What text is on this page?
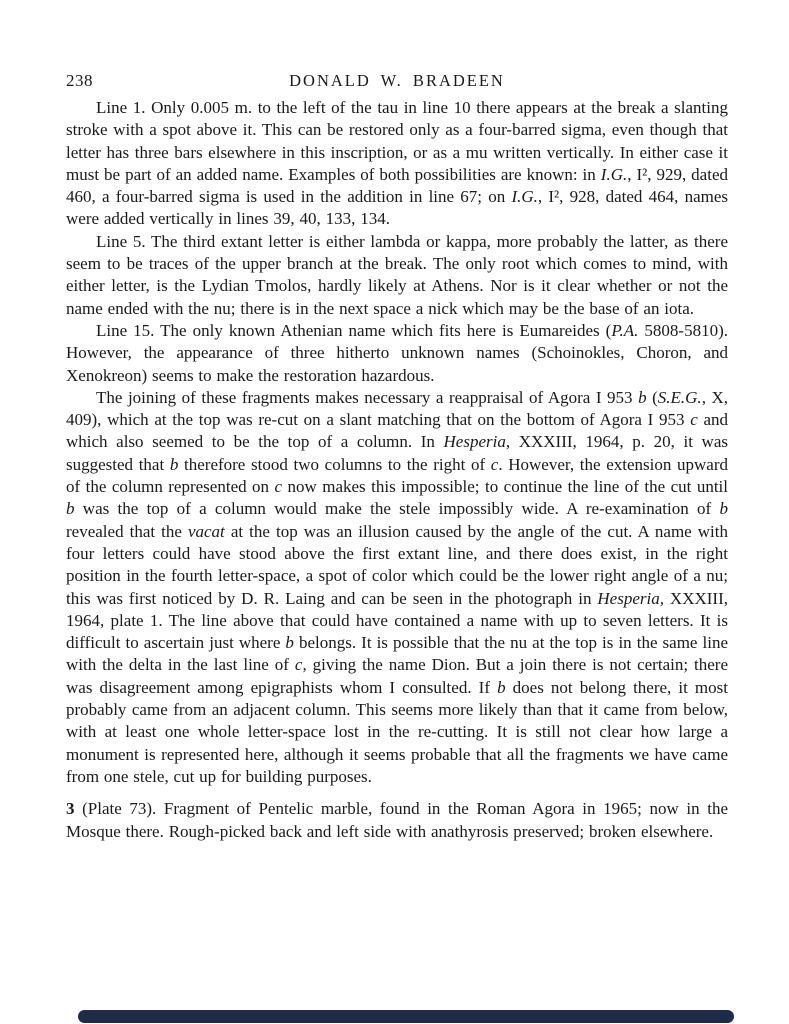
238	DONALD W. BRADEEN

Line 1. Only 0.005 m. to the left of the tau in line 10 there appears at the break a slanting stroke with a spot above it. This can be restored only as a four-barred sigma, even though that letter has three bars elsewhere in this inscription, or as a mu written vertically. In either case it must be part of an added name. Examples of both possibilities are known: in I.G., I², 929, dated 460, a four-barred sigma is used in the addition in line 67; on I.G., I², 928, dated 464, names were added vertically in lines 39, 40, 133, 134.

Line 5. The third extant letter is either lambda or kappa, more probably the latter, as there seem to be traces of the upper branch at the break. The only root which comes to mind, with either letter, is the Lydian Tmolos, hardly likely at Athens. Nor is it clear whether or not the name ended with the nu; there is in the next space a nick which may be the base of an iota.

Line 15. The only known Athenian name which fits here is Eumareides (P.A. 5808-5810). However, the appearance of three hitherto unknown names (Schoinokles, Choron, and Xenokreon) seems to make the restoration hazardous.

The joining of these fragments makes necessary a reappraisal of Agora I 953 b (S.E.G., X, 409), which at the top was re-cut on a slant matching that on the bottom of Agora I 953 c and which also seemed to be the top of a column. In Hesperia, XXXIII, 1964, p. 20, it was suggested that b therefore stood two columns to the right of c. However, the extension upward of the column represented on c now makes this impossible; to continue the line of the cut until b was the top of a column would make the stele impossibly wide. A re-examination of b revealed that the vacat at the top was an illusion caused by the angle of the cut. A name with four letters could have stood above the first extant line, and there does exist, in the right position in the fourth letter-space, a spot of color which could be the lower right angle of a nu; this was first noticed by D. R. Laing and can be seen in the photograph in Hesperia, XXXIII, 1964, plate 1. The line above that could have contained a name with up to seven letters. It is difficult to ascertain just where b belongs. It is possible that the nu at the top is in the same line with the delta in the last line of c, giving the name Dion. But a join there is not certain; there was disagreement among epigraphists whom I consulted. If b does not belong there, it most probably came from an adjacent column. This seems more likely than that it came from below, with at least one whole letter-space lost in the re-cutting. It is still not clear how large a monument is represented here, although it seems probable that all the fragments we have came from one stele, cut up for building purposes.

3 (Plate 73). Fragment of Pentelic marble, found in the Roman Agora in 1965; now in the Mosque there. Rough-picked back and left side with anathyrosis preserved; broken elsewhere.
